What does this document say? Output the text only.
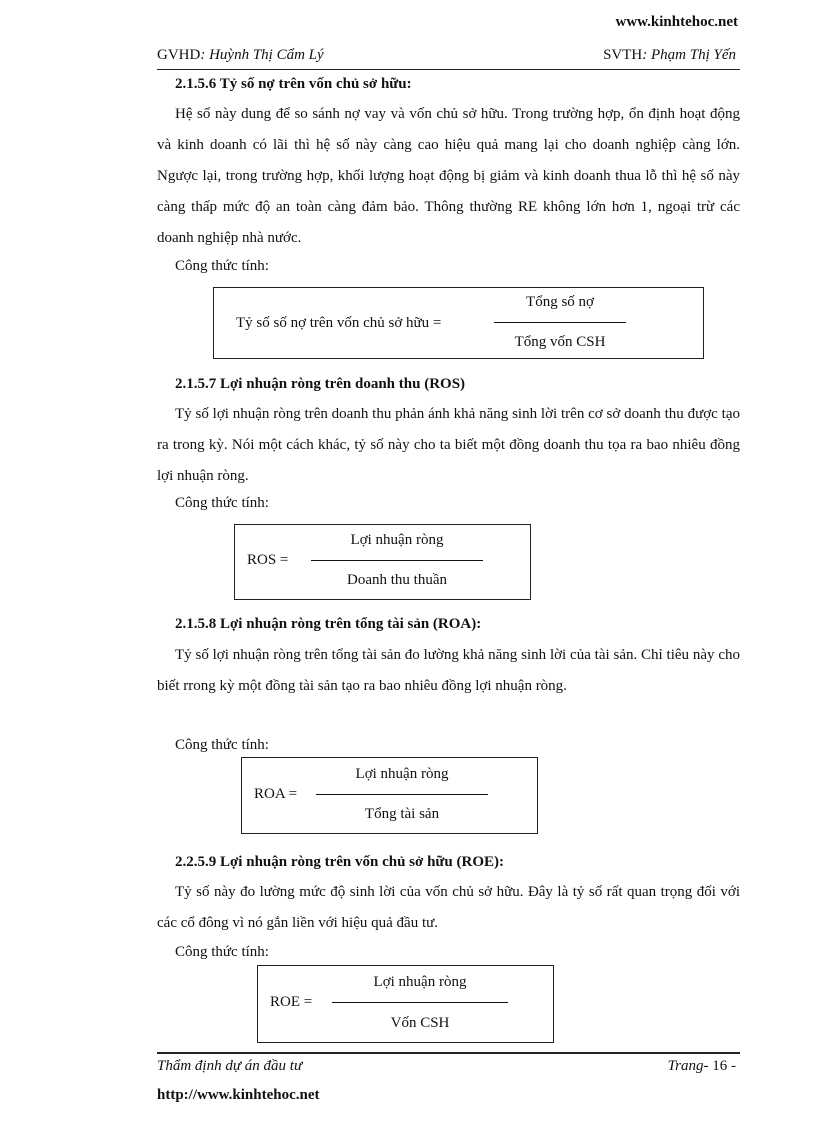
www.kinhtehoc.net
GVHD: Huỳnh Thị Cẩm Lý	SVTH: Phạm Thị Yến
2.1.5.6 Tỷ số nợ trên vốn chủ sở hữu:

Hệ số này dung để so sánh nợ vay và vốn chủ sở hữu. Trong trường hợp, ổn định hoạt động và kinh doanh có lãi thì hệ số này càng cao hiệu quả mang lại cho doanh nghiệp càng lớn. Ngược lại, trong trường hợp, khối lượng hoạt động bị giảm và kinh doanh thua lỗ thì hệ số này càng thấp mức độ an toàn càng đảm bảo. Thông thường RE không lớn hơn 1, ngoại trừ các doanh nghiệp nhà nước.

Công thức tính:
Tỷ số số nợ trên vốn chủ sở hữu =
Tổng số nợ
Tổng vốn CSH
2.1.5.7 Lợi nhuận ròng trên doanh thu (ROS)

Tỷ số lợi nhuận ròng trên doanh thu phản ánh khả năng sinh lời trên cơ sở doanh thu được tạo ra trong kỳ. Nói một cách khác, tỷ số này cho ta biết một đồng doanh thu tọa ra bao nhiêu đồng lợi nhuận ròng.

Công thức tính:
ROS =
Lợi nhuận ròng
Doanh thu thuần
2.1.5.8 Lợi nhuận ròng trên tổng tài sản (ROA):

Tỷ số lợi nhuận ròng trên tổng tài sản đo lường khả năng sinh lời của tài sản. Chỉ tiêu này cho biết rrong kỳ một đồng tài sản tạo ra bao nhiêu đồng lợi nhuận ròng.

Công thức tính:
ROA =
Lợi nhuận ròng
Tổng tài sản
2.2.5.9 Lợi nhuận ròng trên vốn chủ sở hữu (ROE):

Tỷ số này đo lường mức độ sinh lời của vốn chủ sở hữu. Đây là tỷ số rất quan trọng đối với các cổ đông vì nó gắn liền với hiệu quả đầu tư.

Công thức tính:
ROE =
Lợi nhuận ròng
Vốn CSH
Thẩm định dự án đầu tư	Trang- 16 -
http://www.kinhtehoc.net
